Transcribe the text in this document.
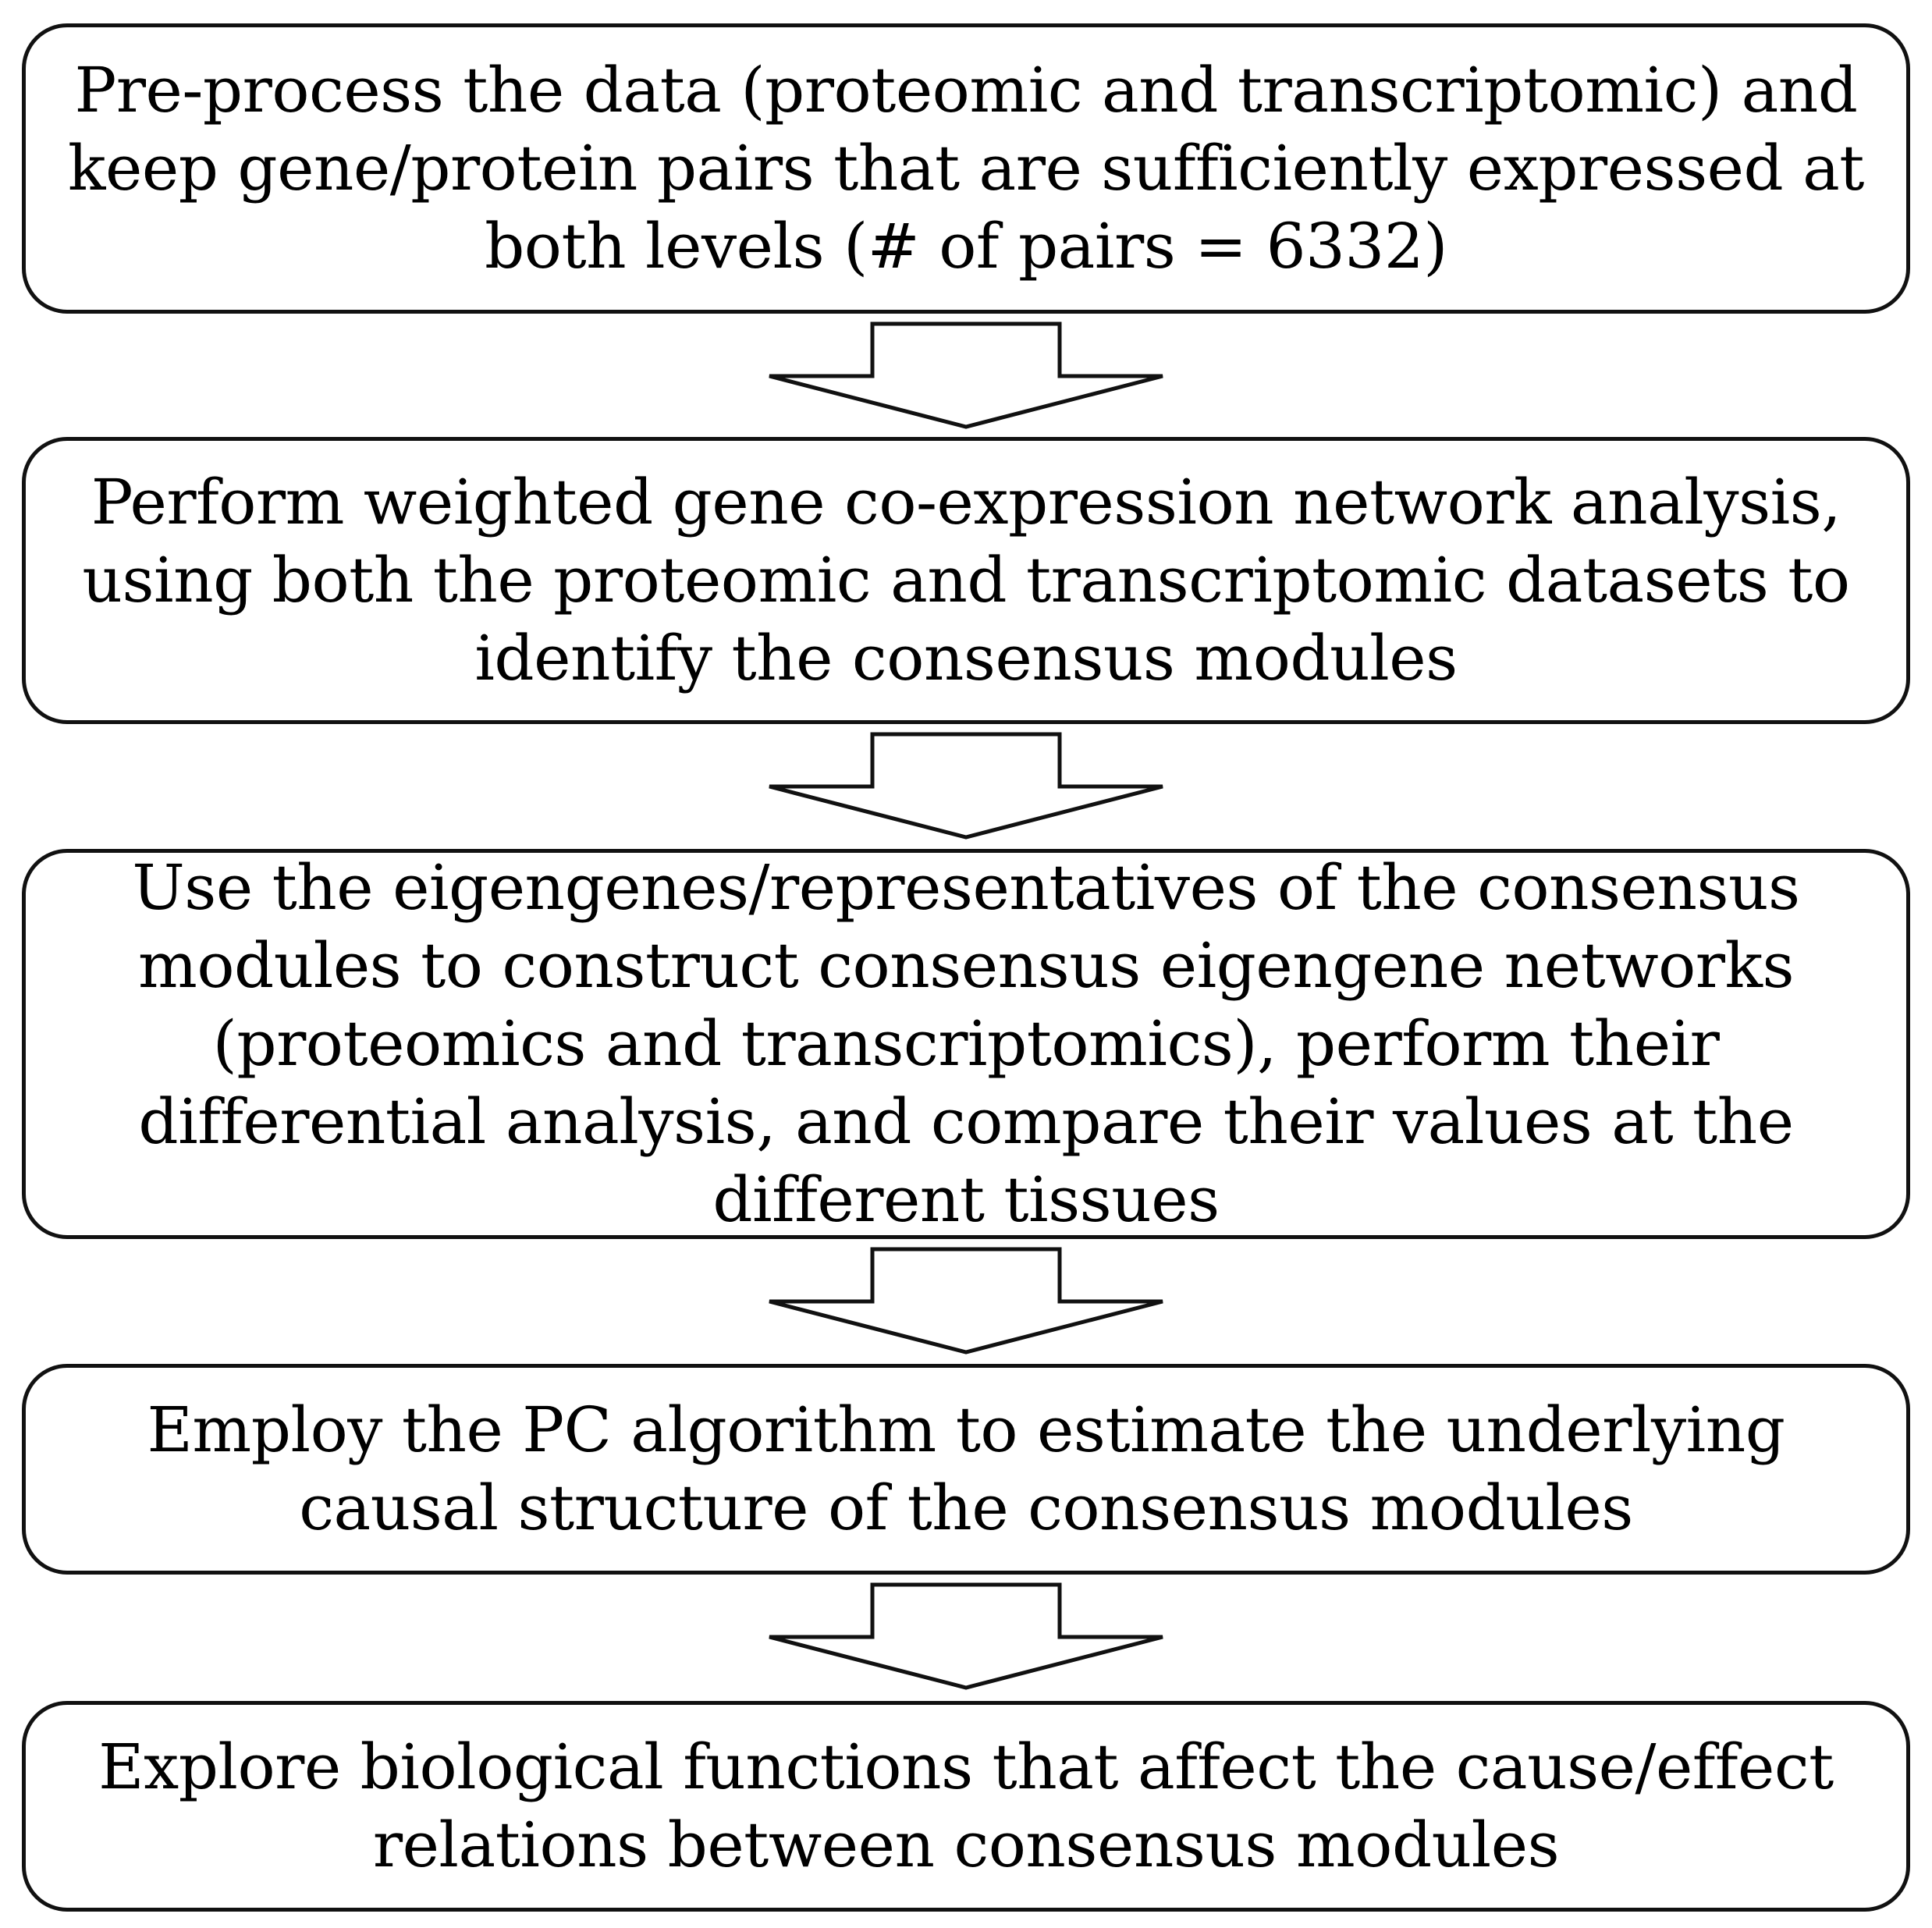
Pre-process the data (proteomic and transcriptomic) and keep gene/protein pairs that are sufficiently expressed at both levels (# of pairs = 6332)
Perform weighted gene co-expression network analysis, using both the proteomic and transcriptomic datasets to identify the consensus modules
Use the eigengenes/representatives of the consensus modules to construct consensus eigengene networks (proteomics and transcriptomics), perform their differential analysis, and compare their values at the different tissues
Employ the PC algorithm to estimate the underlying causal structure of the consensus modules
Explore biological functions that affect the cause/effect relations between consensus modules
